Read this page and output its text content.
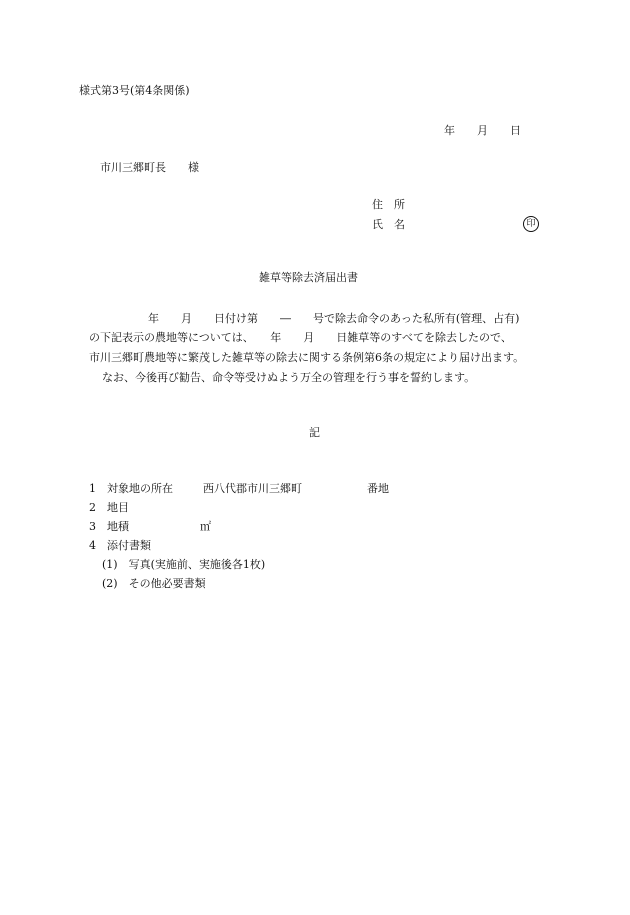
様式第3号(第4条関係)
年　　月　　日
市川三郷町長　　様
住　所
氏　名	印
雑草等除去済届出書
年　　月　　日付け第　　―　　号で除去命令のあった私所有(管理、占有)
の下記表示の農地等については、　　年　　月　　日雑草等のすべてを除去したので、
市川三郷町農地等に繁茂した雑草等の除去に関する条例第6条の規定により届け出ます。
なお、今後再び勧告、命令等受けぬよう万全の管理を行う事を誓約します。
記
1　対象地の所在	西八代郡市川三郷町	番地
2　地目
3　地積	㎡
4　添付書類
(1)　写真(実施前、実施後各1枚)
(2)　その他必要書類
